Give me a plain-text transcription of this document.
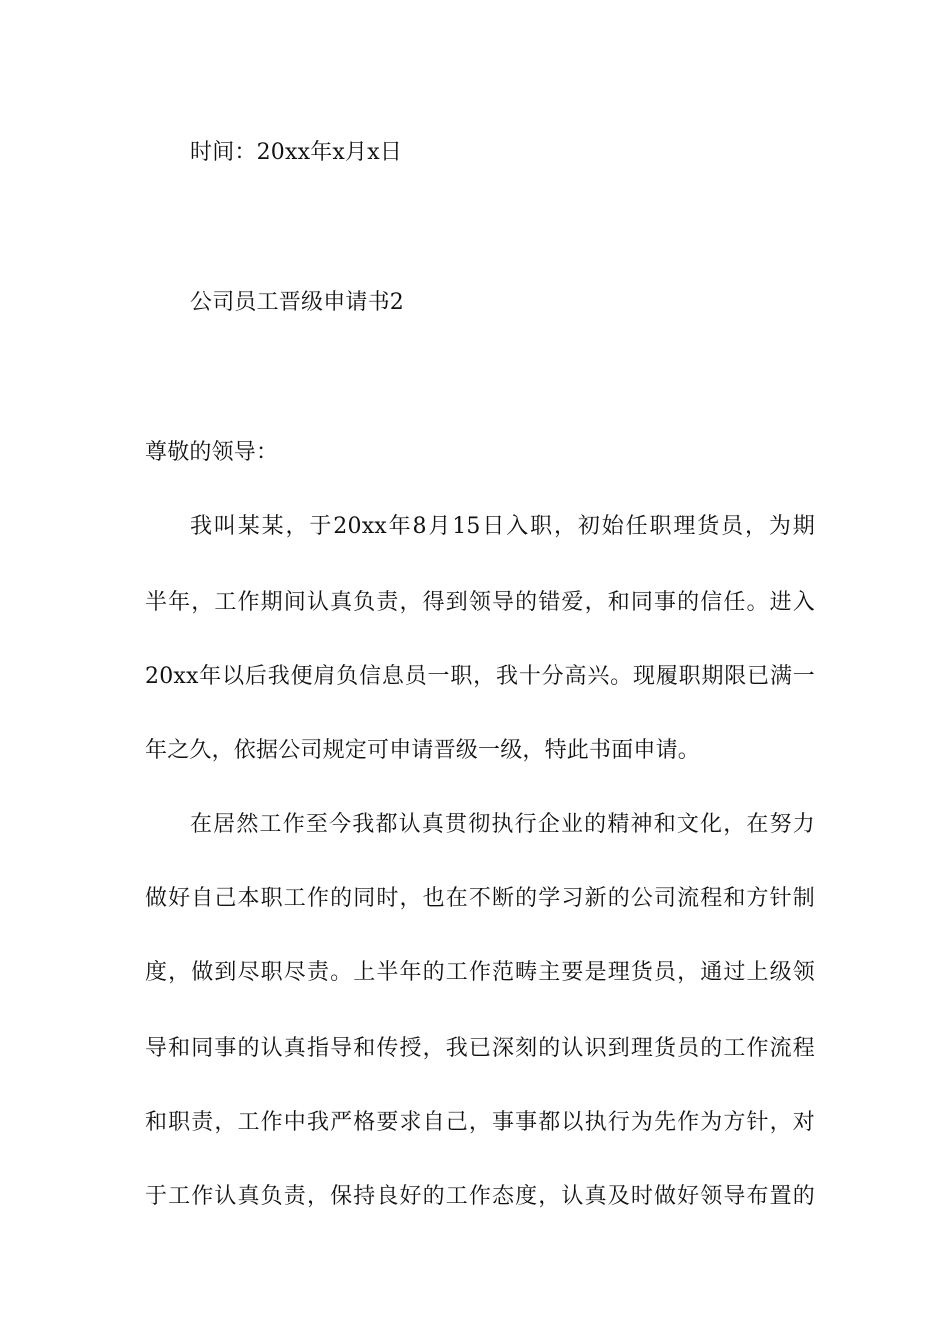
时间：20xx年x月x日
公司员工晋级申请书2
尊敬的领导：
我叫某某，于20xx年8月15日入职，初始任职理货员，为期
半年，工作期间认真负责，得到领导的错爱，和同事的信任。进入
20xx年以后我便肩负信息员一职，我十分高兴。现履职期限已满一
年之久，依据公司规定可申请晋级一级，特此书面申请。
在居然工作至今我都认真贯彻执行企业的精神和文化，在努力
做好自己本职工作的同时，也在不断的学习新的公司流程和方针制
度，做到尽职尽责。上半年的工作范畴主要是理货员，通过上级领
导和同事的认真指导和传授，我已深刻的认识到理货员的工作流程
和职责，工作中我严格要求自己，事事都以执行为先作为方针，对
于工作认真负责，保持良好的工作态度，认真及时做好领导布置的
